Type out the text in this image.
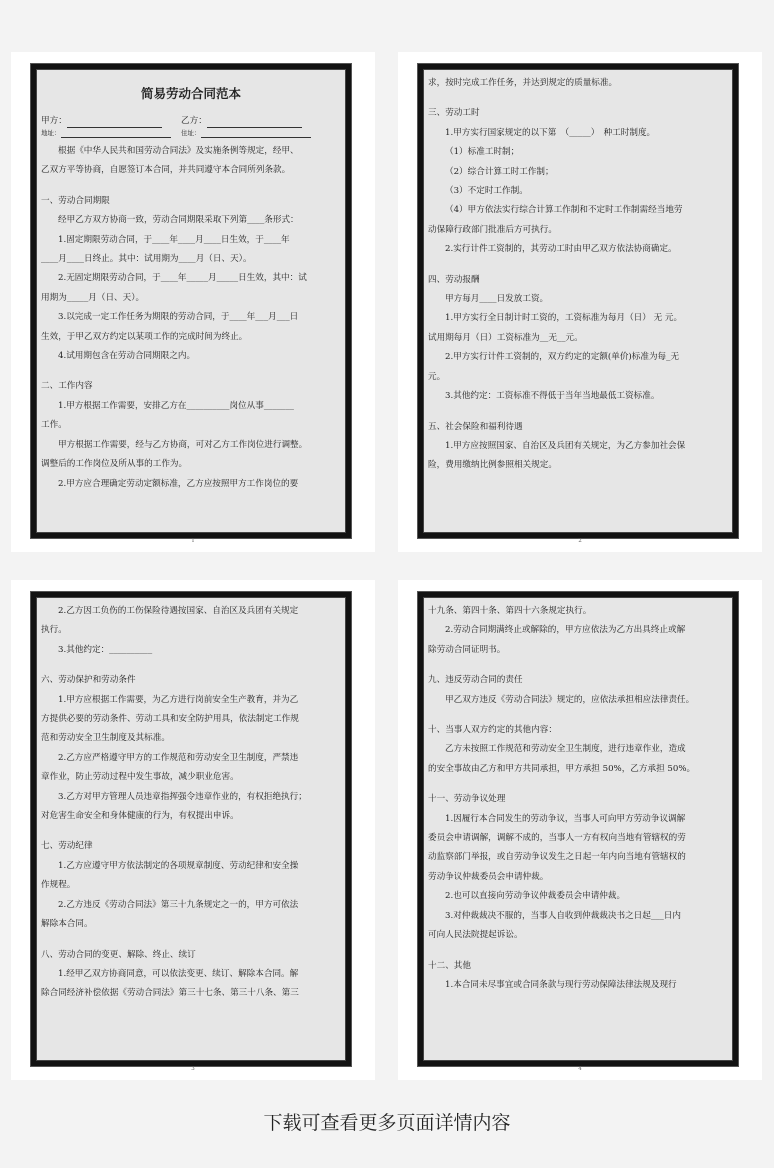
简易劳动合同范本
甲方：	乙方：
地址：	住址：
根据《中华人民共和国劳动合同法》及实施条例等规定，经甲、
乙双方平等协商，自愿签订本合同，并共同遵守本合同所列条款。
一、劳动合同期限
经甲乙方双方协商一致，劳动合同期限采取下列第____条形式：
1.固定期限劳动合同，于____年____月____日生效，于____年
____月____日终止。其中：试用期为____月（日、天）。
2.无固定期限劳动合同，于____年_____月_____日生效，其中：试
用期为_____月（日、天）。
3.以完成一定工作任务为期限的劳动合同，于____年___月___日
生效，于甲乙双方约定以某项工作的完成时间为终止。
4.试用期包含在劳动合同期限之内。
二、工作内容
1.甲方根据工作需要，安排乙方在__________岗位从事_______
工作。
甲方根据工作需要，经与乙方协商，可对乙方工作岗位进行调整。
调整后的工作岗位及所从事的工作为。
2.甲方应合理确定劳动定额标准，乙方应按照甲方工作岗位的要
1
求，按时完成工作任务，并达到规定的质量标准。
三、劳动工时
1.甲方实行国家规定的以下第　（_____）　种工时制度。
（1）标准工时制；
（2）综合计算工时工作制；
（3）不定时工作制。
（4）甲方依法实行综合计算工作制和不定时工作制需经当地劳
动保障行政部门批准后方可执行。
2.实行计件工资制的，其劳动工时由甲乙双方依法协商确定。
四、劳动报酬
甲方每月____日发放工资。
1.甲方实行全日制计时工资的，工资标准为每月（日） 无 元。
试用期每月（日）工资标准为__无__元。
2.甲方实行计件工资制的，双方约定的定额(单价)标准为每_无
元。
3.其他约定：工资标准不得低于当年当地最低工资标准。
五、社会保险和福利待遇
1.甲方应按照国家、自治区及兵团有关规定，为乙方参加社会保
险，费用缴纳比例参照相关规定。
2
2.乙方因工负伤的工伤保险待遇按国家、自治区及兵团有关规定
执行。
3.其他约定：__________
六、劳动保护和劳动条件
1.甲方应根据工作需要，为乙方进行岗前安全生产教育，并为乙
方提供必要的劳动条件、劳动工具和安全防护用具，依法制定工作规
范和劳动安全卫生制度及其标准。
2.乙方应严格遵守甲方的工作规范和劳动安全卫生制度，严禁违
章作业，防止劳动过程中发生事故，减少职业危害。
3.乙方对甲方管理人员违章指挥强令违章作业的，有权拒绝执行；
对危害生命安全和身体健康的行为，有权提出申诉。
七、劳动纪律
1.乙方应遵守甲方依法制定的各项规章制度、劳动纪律和安全操
作规程。
2.乙方违反《劳动合同法》第三十九条规定之一的，甲方可依法
解除本合同。
八、劳动合同的变更、解除、终止、续订
1.经甲乙双方协商同意，可以依法变更、续订、解除本合同。解
除合同经济补偿依据《劳动合同法》第三十七条、第三十八条、第三
3
十九条、第四十条、第四十六条规定执行。
2.劳动合同期满终止或解除的，甲方应依法为乙方出具终止或解
除劳动合同证明书。
九、违反劳动合同的责任
甲乙双方违反《劳动合同法》规定的，应依法承担相应法律责任。
十、当事人双方约定的其他内容：
乙方未按照工作规范和劳动安全卫生制度，进行违章作业，造成
的安全事故由乙方和甲方共同承担，甲方承担 50%，乙方承担 50%。
十一、劳动争议处理
1.因履行本合同发生的劳动争议，当事人可向甲方劳动争议调解
委员会申请调解，调解不成的，当事人一方有权向当地有管辖权的劳
动监察部门举报，或自劳动争议发生之日起一年内向当地有管辖权的
劳动争议仲裁委员会申请仲裁。
2.也可以直接向劳动争议仲裁委员会申请仲裁。
3.对仲裁裁决不服的，当事人自收到仲裁裁决书之日起___日内
可向人民法院提起诉讼。
十二、其他
1.本合同未尽事宜或合同条款与现行劳动保障法律法规及现行
4
下载可查看更多页面详情内容
